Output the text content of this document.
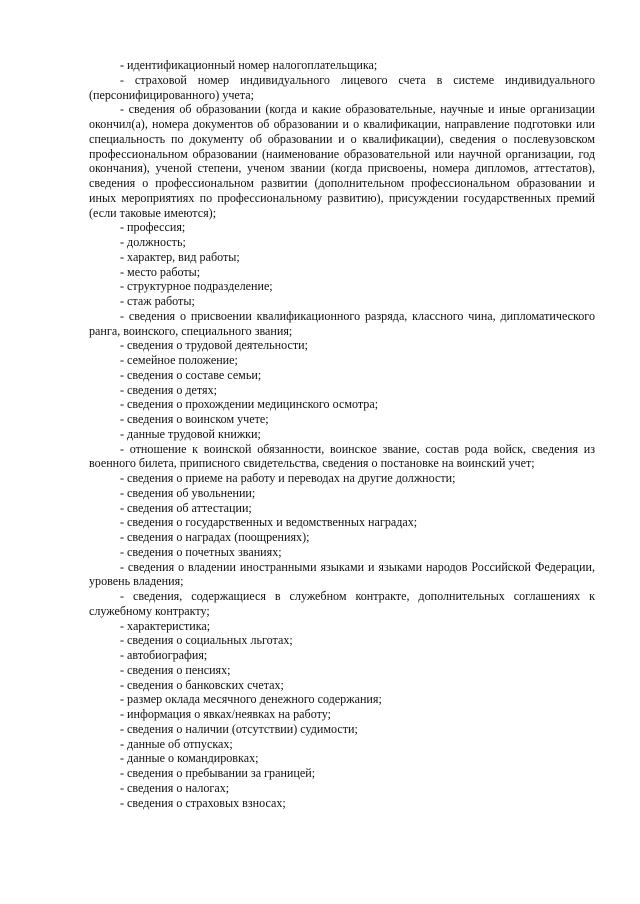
- идентификационный номер налогоплательщика;

- страховой номер индивидуального лицевого счета в системе индивидуального (персонифицированного) учета;

- сведения об образовании (когда и какие образовательные, научные и иные организации окончил(а), номера документов об образовании и о квалификации, направление подготовки или специальность по документу об образовании и о квалификации), сведения о послевузовском профессиональном образовании (наименование образовательной или научной организации, год окончания), ученой степени, ученом звании (когда присвоены, номера дипломов, аттестатов), сведения о профессиональном развитии (дополнительном профессиональном образовании и иных мероприятиях по профессиональному развитию), присуждении государственных премий (если таковые имеются);

- профессия;

- должность;

- характер, вид работы;

- место работы;

- структурное подразделение;

- стаж работы;

- сведения о присвоении квалификационного разряда, классного чина, дипломатического ранга, воинского, специального звания;

- сведения о трудовой деятельности;

- семейное положение;

- сведения о составе семьи;

- сведения о детях;

- сведения о прохождении медицинского осмотра;

- сведения о воинском учете;

- данные трудовой книжки;

- отношение к воинской обязанности, воинское звание, состав рода войск, сведения из военного билета, приписного свидетельства, сведения о постановке на воинский учет;

- сведения о приеме на работу и переводах на другие должности;

- сведения об увольнении;

- сведения об аттестации;

- сведения о государственных и ведомственных наградах;

- сведения о наградах (поощрениях);

- сведения о почетных званиях;

- сведения о владении иностранными языками и языками народов Российской Федерации, уровень владения;

- сведения, содержащиеся в служебном контракте, дополнительных соглашениях к служебному контракту;

- характеристика;

- сведения о социальных льготах;

- автобиография;

- сведения о пенсиях;

- сведения о банковских счетах;

- размер оклада месячного денежного содержания;

- информация о явках/неявках на работу;

- сведения о наличии (отсутствии) судимости;

- данные об отпусках;

- данные о командировках;

- сведения о пребывании за границей;

- сведения о налогах;

- сведения о страховых взносах;
